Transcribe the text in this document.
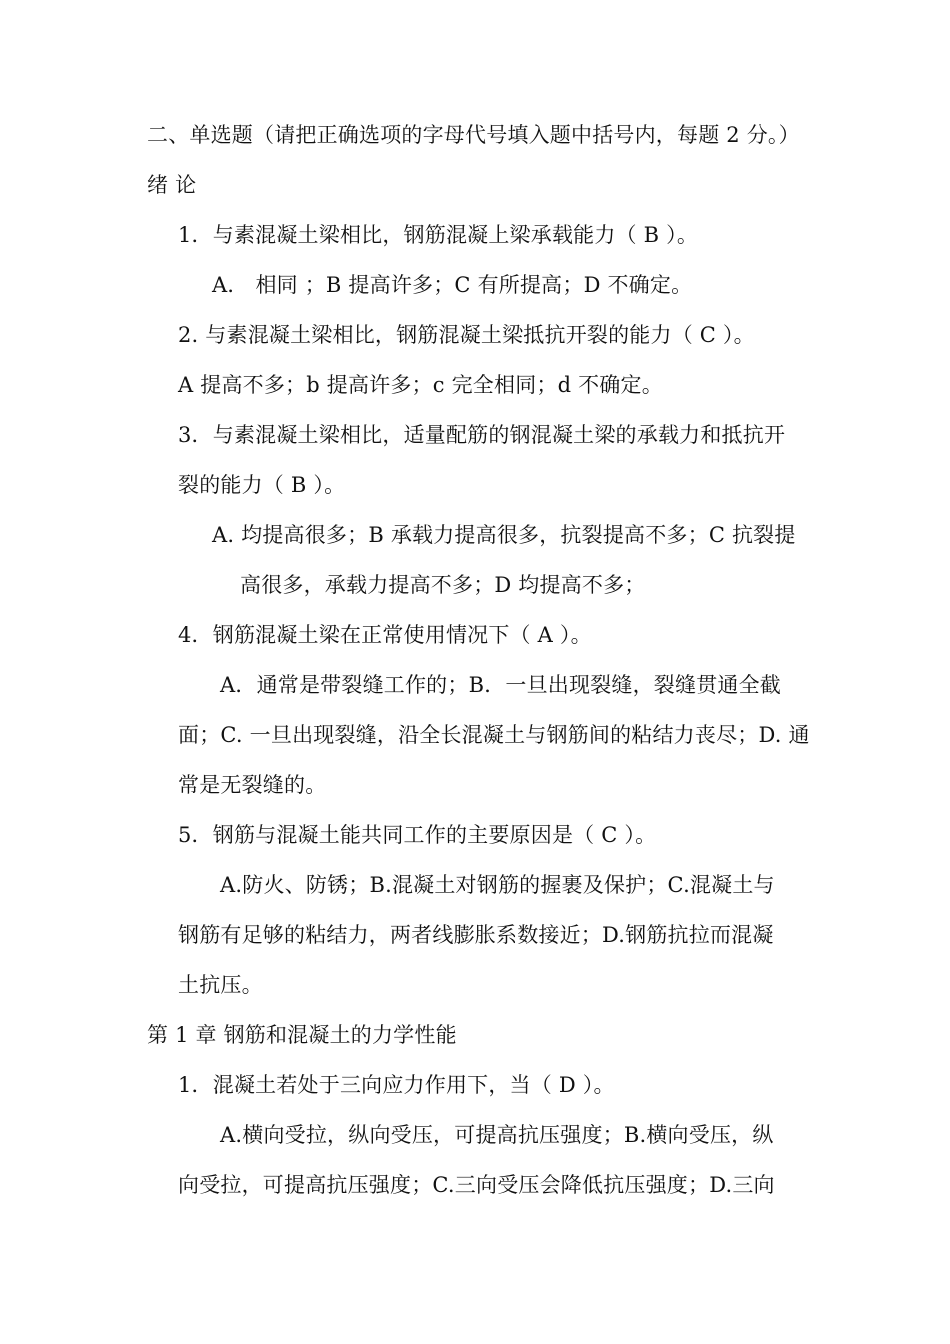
二、单选题（请把正确选项的字母代号填入题中括号内，每题 2 分。）
绪 论
1．与素混凝土梁相比，钢筋混凝上梁承载能力（ B ）。
A． 相同 ；B 提高许多；C 有所提高；D 不确定。
2. 与素混凝土梁相比，钢筋混凝土梁抵抗开裂的能力（ C ）。
A 提高不多；b 提高许多；c 完全相同；d 不确定。
3．与素混凝土梁相比，适量配筋的钢混凝土梁的承载力和抵抗开
裂的能力（ B ）。
A. 均提高很多；B 承载力提高很多，抗裂提高不多；C 抗裂提
高很多，承载力提高不多；D 均提高不多；
4．钢筋混凝土梁在正常使用情况下（ A ）。
A．通常是带裂缝工作的；B．一旦出现裂缝，裂缝贯通全截
面；C. 一旦出现裂缝，沿全长混凝土与钢筋间的粘结力丧尽；D. 通
常是无裂缝的。
5．钢筋与混凝土能共同工作的主要原因是（ C ）。
A.防火、防锈；B.混凝土对钢筋的握裹及保护；C.混凝土与
钢筋有足够的粘结力，两者线膨胀系数接近；D.钢筋抗拉而混凝
土抗压。
第 1 章 钢筋和混凝土的力学性能
1．混凝土若处于三向应力作用下，当（ D ）。
A.横向受拉，纵向受压，可提高抗压强度；B.横向受压，纵
向受拉，可提高抗压强度；C.三向受压会降低抗压强度；D.三向
